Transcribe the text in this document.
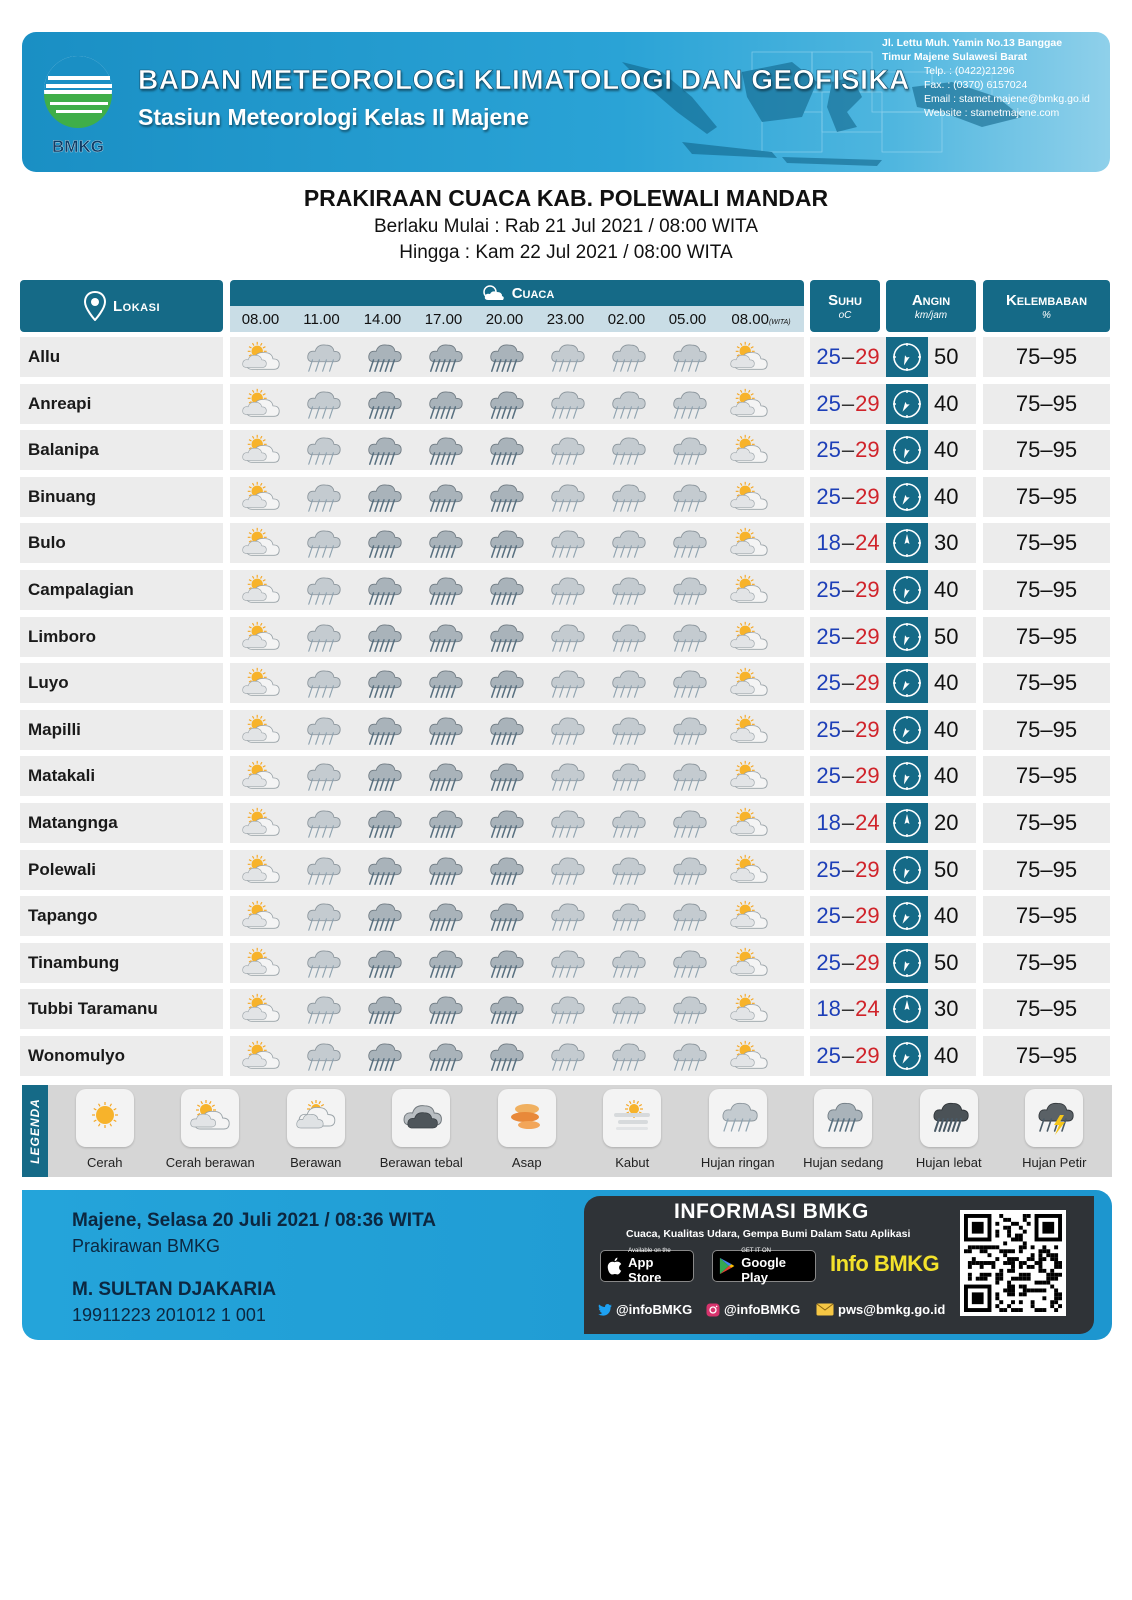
BMKG
BADAN METEOROLOGI KLIMATOLOGI DAN GEOFISIKA
Stasiun Meteorologi Kelas II Majene
Jl. Lettu Muh. Yamin No.13 Banggae
Timur Majene Sulawesi Barat
Telp. : (0422)21296
Fax. : (0370) 6157024
Email : stamet.majene@bmkg.go.id
Website : stametmajene.com
PRAKIRAAN CUACA KAB. POLEWALI MANDAR
Berlaku Mulai : Rab 21 Jul 2021 / 08:00 WITA
Hingga : Kam 22 Jul 2021 / 08:00 WITA
Lokasi
Cuaca
08.00	11.00	14.00	17.00	20.00	23.00	02.00	05.00	08.00(WITA)
Suhu
oC
Angin
km/jam
Kelembaban
%
Allu	25 – 29 50	75–95
Anreapi	25 – 29 40	75–95
Balanipa	25 – 29 40	75–95
Binuang	25 – 29 40	75–95
Bulo	18 – 24 30	75–95
Campalagian	25 – 29 40	75–95
Limboro	25 – 29 50	75–95
Luyo	25 – 29 40	75–95
Mapilli	25 – 29 40	75–95
Matakali	25 – 29 40	75–95
Matangnga	18 – 24 20	75–95
Polewali	25 – 29 50	75–95
Tapango	25 – 29 40	75–95
Tinambung	25 – 29 50	75–95
Tubbi Taramanu	18 – 24 30	75–95
Wonomulyo	25 – 29 40	75–95
LEGENDA	Cerah	Cerah berawan	Berawan	Berawan tebal	Asap	Kabut	Hujan ringan Hujan sedang	Hujan lebat	Hujan Petir
Majene, Selasa 20 Juli 2021 / 08:36 WITA
Prakirawan BMKG
M. SULTAN DJAKARIA
19911223 201012 1 001
INFORMASI BMKG
Cuaca, Kualitas Udara, Gempa Bumi Dalam Satu Aplikasi
Available on the
App Store
GET IT ON
Google Play
Info BMKG
@infoBMKG @infoBMKG	pws@bmkg.go.id
